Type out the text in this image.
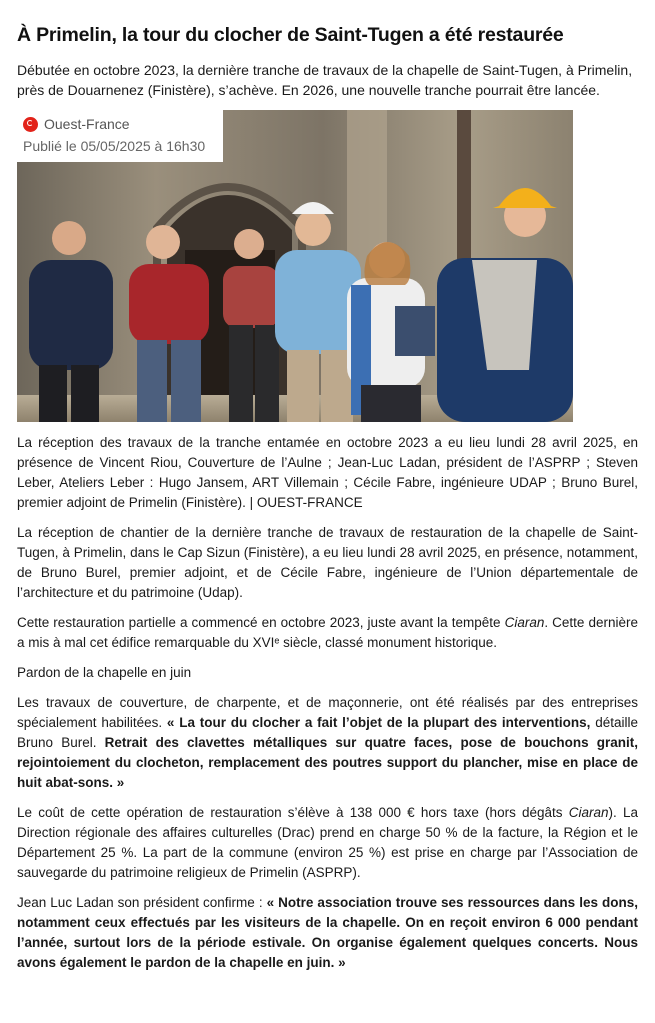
À Primelin, la tour du clocher de Saint-Tugen a été restaurée

Débutée en octobre 2023, la dernière tranche de travaux de la chapelle de Saint-Tugen, à Primelin, près de Douarnenez (Finistère), s’achève. En 2026, une nouvelle tranche pourrait être lancée.

Ouest-France
Publié le 05/05/2025 à 16h30

La réception des travaux de la tranche entamée en octobre 2023 a eu lieu lundi 28 avril 2025, en présence de Vincent Riou, Couverture de l’Aulne ; Jean-Luc Ladan, président de l’ASPRP ; Steven Leber, Ateliers Leber : Hugo Jansem, ART Villemain ; Cécile Fabre, ingénieure UDAP ; Bruno Burel, premier adjoint de Primelin (Finistère). | OUEST-FRANCE

La réception de chantier de la dernière tranche de travaux de restauration de la chapelle de Saint-Tugen, à Primelin, dans le Cap Sizun (Finistère), a eu lieu lundi 28 avril 2025, en présence, notamment, de Bruno Burel, premier adjoint, et de Cécile Fabre, ingénieure de l’Union départementale de l’architecture et du patrimoine (Udap).

Cette restauration partielle a commencé en octobre 2023, juste avant la tempête Ciaran. Cette dernière a mis à mal cet édifice remarquable du XVIᵉ siècle, classé monument historique.

Pardon de la chapelle en juin

Les travaux de couverture, de charpente, et de maçonnerie, ont été réalisés par des entreprises spécialement habilitées. « La tour du clocher a fait l’objet de la plupart des interventions, détaille Bruno Burel. Retrait des clavettes métalliques sur quatre faces, pose de bouchons granit, rejointoiement du clocheton, remplacement des poutres support du plancher, mise en place de huit abat-sons. »

Le coût de cette opération de restauration s’élève à 138 000 € hors taxe (hors dégâts Ciaran). La Direction régionale des affaires culturelles (Drac) prend en charge 50 % de la facture, la Région et le Département 25 %. La part de la commune (environ 25 %) est prise en charge par l’Association de sauvegarde du patrimoine religieux de Primelin (ASPRP).

Jean Luc Ladan son président confirme : « Notre association trouve ses ressources dans les dons, notamment ceux effectués par les visiteurs de la chapelle. On en reçoit environ 6 000 pendant l’année, surtout lors de la période estivale. On organise également quelques concerts. Nous avons également le pardon de la chapelle en juin. »
